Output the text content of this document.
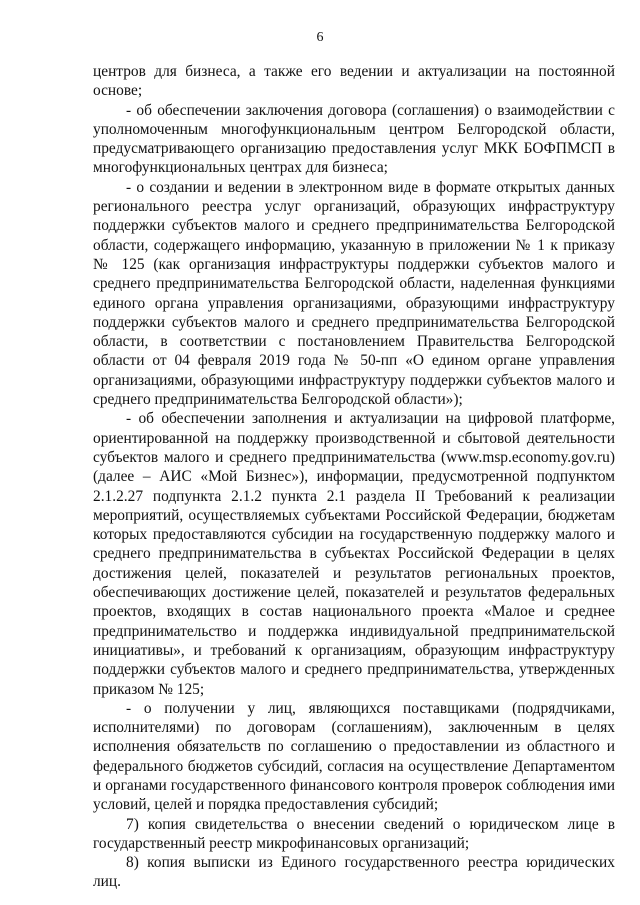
6

центров для бизнеса, а также его ведении и актуализации на постоянной основе;

- об обеспечении заключения договора (соглашения) о взаимодействии с уполномоченным многофункциональным центром Белгородской области, предусматривающего организацию предоставления услуг МКК БОФПМСП в многофункциональных центрах для бизнеса;

- о создании и ведении в электронном виде в формате открытых данных регионального реестра услуг организаций, образующих инфраструктуру поддержки субъектов малого и среднего предпринимательства Белгородской области, содержащего информацию, указанную в приложении № 1 к приказу № 125 (как организация инфраструктуры поддержки субъектов малого и среднего предпринимательства Белгородской области, наделенная функциями единого органа управления организациями, образующими инфраструктуру поддержки субъектов малого и среднего предпринимательства Белгородской области, в соответствии с постановлением Правительства Белгородской области от 04 февраля 2019 года № 50-пп «О едином органе управления организациями, образующими инфраструктуру поддержки субъектов малого и среднего предпринимательства Белгородской области»);

- об обеспечении заполнения и актуализации на цифровой платформе, ориентированной на поддержку производственной и сбытовой деятельности субъектов малого и среднего предпринимательства (www.msp.economy.gov.ru) (далее – АИС «Мой Бизнес»), информации, предусмотренной подпунктом 2.1.2.27 подпункта 2.1.2 пункта 2.1 раздела II Требований к реализации мероприятий, осуществляемых субъектами Российской Федерации, бюджетам которых предоставляются субсидии на государственную поддержку малого и среднего предпринимательства в субъектах Российской Федерации в целях достижения целей, показателей и результатов региональных проектов, обеспечивающих достижение целей, показателей и результатов федеральных проектов, входящих в состав национального проекта «Малое и среднее предпринимательство и поддержка индивидуальной предпринимательской инициативы», и требований к организациям, образующим инфраструктуру поддержки субъектов малого и среднего предпринимательства, утвержденных приказом № 125;

- о получении у лиц, являющихся поставщиками (подрядчиками, исполнителями) по договорам (соглашениям), заключенным в целях исполнения обязательств по соглашению о предоставлении из областного и федерального бюджетов субсидий, согласия на осуществление Департаментом и органами государственного финансового контроля проверок соблюдения ими условий, целей и порядка предоставления субсидий;

7) копия свидетельства о внесении сведений о юридическом лице в государственный реестр микрофинансовых организаций;

8) копия выписки из Единого государственного реестра юридических лиц.
